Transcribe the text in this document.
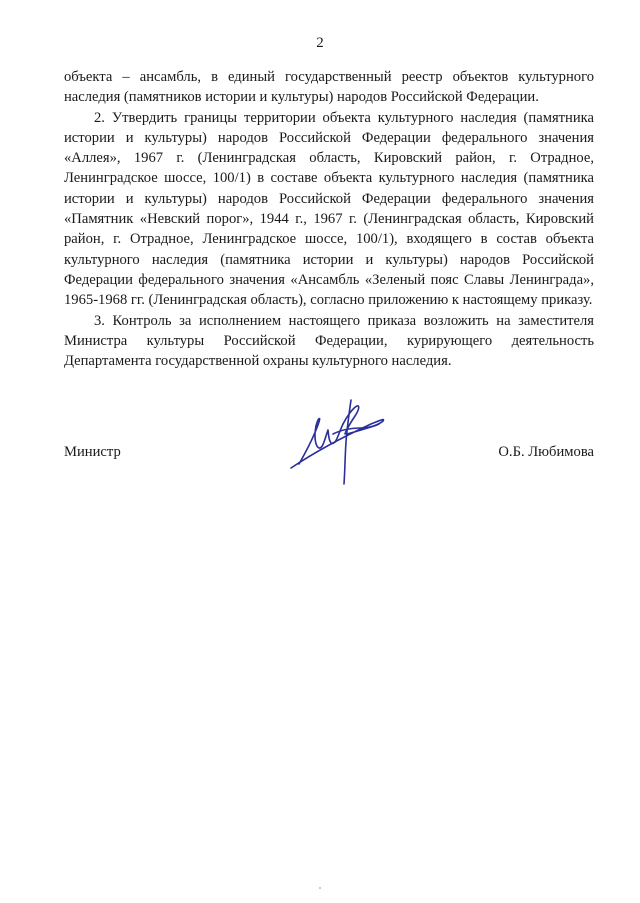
2

объекта – ансамбль, в единый государственный реестр объектов культурного наследия (памятников истории и культуры) народов Российской Федерации.

2. Утвердить границы территории объекта культурного наследия (памятника истории и культуры) народов Российской Федерации федерального значения «Аллея», 1967 г. (Ленинградская область, Кировский район, г. Отрадное, Ленинградское шоссе, 100/1) в составе объекта культурного наследия (памятника истории и культуры) народов Российской Федерации федерального значения «Памятник «Невский порог», 1944 г., 1967 г. (Ленинградская область, Кировский район, г. Отрадное, Ленинградское шоссе, 100/1), входящего в состав объекта культурного наследия (памятника истории и культуры) народов Российской Федерации федерального значения «Ансамбль «Зеленый пояс Славы Ленинграда», 1965-1968 гг. (Ленинградская область), согласно приложению к настоящему приказу.

3. Контроль за исполнением настоящего приказа возложить на заместителя Министра культуры Российской Федерации, курирующего деятельность Департамента государственной охраны культурного наследия.

Министр	О.Б. Любимова
